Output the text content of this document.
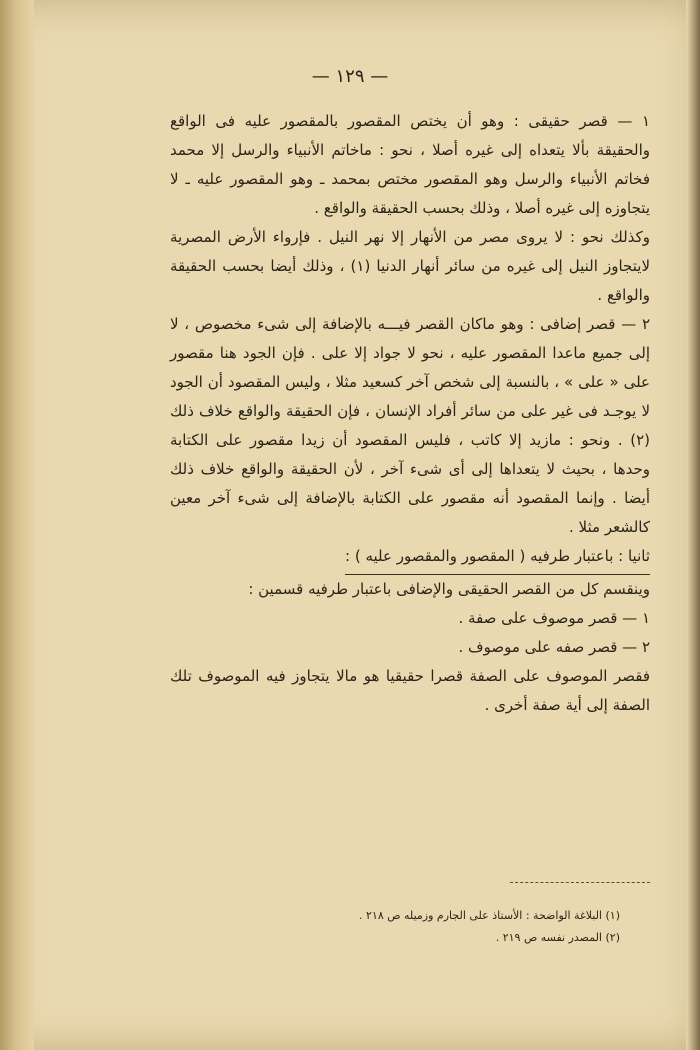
— ١٢٩ —

١ — قصر حقيقى : وهو أن يختص المقصور بالمقصور عليه فى الواقع والحقيقة بألا يتعداه إلى غيره أصلا ، نحو : ماخاتم الأنبياء والرسل إلا محمد فخاتم الأنبياء والرسل وهو المقصور مختص بمحمد ـ وهو المقصور عليه ـ لا يتجاوزه إلى غيره أصلا ، وذلك بحسب الحقيقة والواقع .

وكذلك نحو : لا يروى مصر من الأنهار إلا نهر النيل . فإرواء الأرض المصرية لايتجاوز النيل إلى غيره من سائر أنهار الدنيا (١) ، وذلك أيضا بحسب الحقيقة والواقع .

٢ — قصر إضافى : وهو ماكان القصر فيـــه بالإضافة إلى شىء مخصوص ، لا إلى جميع ماعدا المقصور عليه ، نحو لا جواد إلا على . فإن الجود هنا مقصور على « على » ، بالنسبة إلى شخص آخر كسعيد مثلا ، وليس المقصود أن الجود لا يوجـد فى غير على من سائر أفراد الإنسان ، فإن الحقيقة والواقع خلاف ذلك (٢) . ونحو : مازيد إلا كاتب ، فليس المقصود أن زيدا مقصور على الكتابة وحدها ، بحيث لا يتعداها إلى أى شىء آخر ، لأن الحقيقة والواقع خلاف ذلك أيضا . وإنما المقصود أنه مقصور على الكتابة بالإضافة إلى شىء آخر معين كالشعر مثلا .

ثانيا : باعتبار طرفيه ( المقصور والمقصور عليه ) :

وينقسم كل من القصر الحقيقى والإضافى باعتبار طرفيه قسمين :

١ — قصر موصوف على صفة .

٢ — قصر صفه على موصوف .

فقصر الموصوف على الصفة قصرا حقيقيا هو مالا يتجاوز فيه الموصوف تلك الصفة إلى أية صفة أخرى .

(١) البلاغة الواضحة : الأستاذ على الجارم وزميله ص ٢١٨ .
(٢) المصدر نفسه ص ٢١٩ .
